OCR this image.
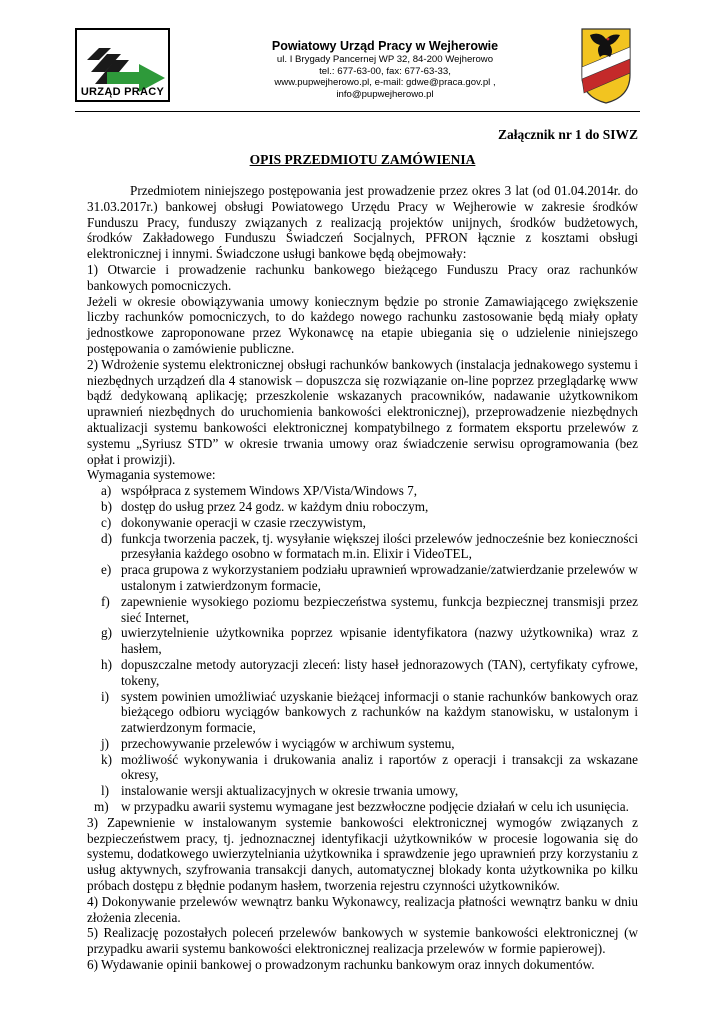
URZĄD PRACY
Powiatowy Urząd Pracy w Wejherowie
ul. I Brygady Pancernej WP 32, 84-200 Wejherowo
tel.: 677-63-00, fax: 677-63-33,
www.pupwejherowo.pl, e-mail: gdwe@praca.gov.pl ,
info@pupwejherowo.pl
Załącznik nr 1 do SIWZ
OPIS PRZEDMIOTU ZAMÓWIENIA

Przedmiotem niniejszego postępowania jest prowadzenie przez okres 3 lat (od 01.04.2014r. do 31.03.2017r.) bankowej obsługi Powiatowego Urzędu Pracy w Wejherowie w zakresie środków Funduszu Pracy, funduszy związanych z realizacją projektów unijnych, środków budżetowych, środków Zakładowego Funduszu Świadczeń Socjalnych, PFRON łącznie z kosztami obsługi elektronicznej i innymi. Świadczone usługi bankowe będą obejmowały:

1) Otwarcie i prowadzenie rachunku bankowego bieżącego Funduszu Pracy oraz rachunków bankowych pomocniczych.

Jeżeli w okresie obowiązywania umowy koniecznym będzie po stronie Zamawiającego zwiększenie liczby rachunków pomocniczych, to do każdego nowego rachunku zastosowanie będą miały opłaty jednostkowe zaproponowane przez Wykonawcę na etapie ubiegania się o udzielenie niniejszego postępowania o zamówienie publiczne.

2) Wdrożenie systemu elektronicznej obsługi rachunków bankowych (instalacja jednakowego systemu i niezbędnych urządzeń dla 4 stanowisk – dopuszcza się rozwiązanie on-line poprzez przeglądarkę www bądź dedykowaną aplikację; przeszkolenie wskazanych pracowników, nadawanie użytkownikom uprawnień niezbędnych do uruchomienia bankowości elektronicznej), przeprowadzenie niezbędnych aktualizacji systemu bankowości elektronicznej kompatybilnego z formatem eksportu przelewów z systemu „Syriusz STD” w okresie trwania umowy oraz świadczenie serwisu oprogramowania (bez opłat i prowizji).

Wymagania systemowe:

a) współpraca z systemem Windows XP/Vista/Windows 7,
b) dostęp do usług przez 24 godz. w każdym dniu roboczym,
c) dokonywanie operacji w czasie rzeczywistym,
d) funkcja tworzenia paczek, tj. wysyłanie większej ilości przelewów jednocześnie bez konieczności przesyłania każdego osobno w formatach m.in. Elixir i VideoTEL,
e) praca grupowa z wykorzystaniem podziału uprawnień wprowadzanie/zatwierdzanie przelewów w ustalonym i zatwierdzonym formacie,
f) zapewnienie wysokiego poziomu bezpieczeństwa systemu, funkcja bezpiecznej transmisji przez sieć Internet,
g) uwierzytelnienie użytkownika poprzez wpisanie identyfikatora (nazwy użytkownika) wraz z hasłem,
h) dopuszczalne metody autoryzacji zleceń: listy haseł jednorazowych (TAN), certyfikaty cyfrowe, tokeny,
i) system powinien umożliwiać uzyskanie bieżącej informacji o stanie rachunków bankowych oraz bieżącego odbioru wyciągów bankowych z rachunków na każdym stanowisku, w ustalonym i zatwierdzonym formacie,
j) przechowywanie przelewów i wyciągów w archiwum systemu,
k) możliwość wykonywania i drukowania analiz i raportów z operacji i transakcji za wskazane okresy,
l) instalowanie wersji aktualizacyjnych w okresie trwania umowy,
m) w przypadku awarii systemu wymagane jest bezzwłoczne podjęcie działań w celu ich usunięcia.

3) Zapewnienie w instalowanym systemie bankowości elektronicznej wymogów związanych z bezpieczeństwem pracy, tj. jednoznacznej identyfikacji użytkowników w procesie logowania się do systemu, dodatkowego uwierzytelniania użytkownika i sprawdzenie jego uprawnień przy korzystaniu z usług aktywnych, szyfrowania transakcji danych, automatycznej blokady konta użytkownika po kilku próbach dostępu z błędnie podanym hasłem, tworzenia rejestru czynności użytkowników.

4) Dokonywanie przelewów wewnątrz banku Wykonawcy, realizacja płatności wewnątrz banku w dniu złożenia zlecenia.

5) Realizację pozostałych poleceń przelewów bankowych w systemie bankowości elektronicznej (w przypadku awarii systemu bankowości elektronicznej realizacja przelewów w formie papierowej).

6) Wydawanie opinii bankowej o prowadzonym rachunku bankowym oraz innych dokumentów.
